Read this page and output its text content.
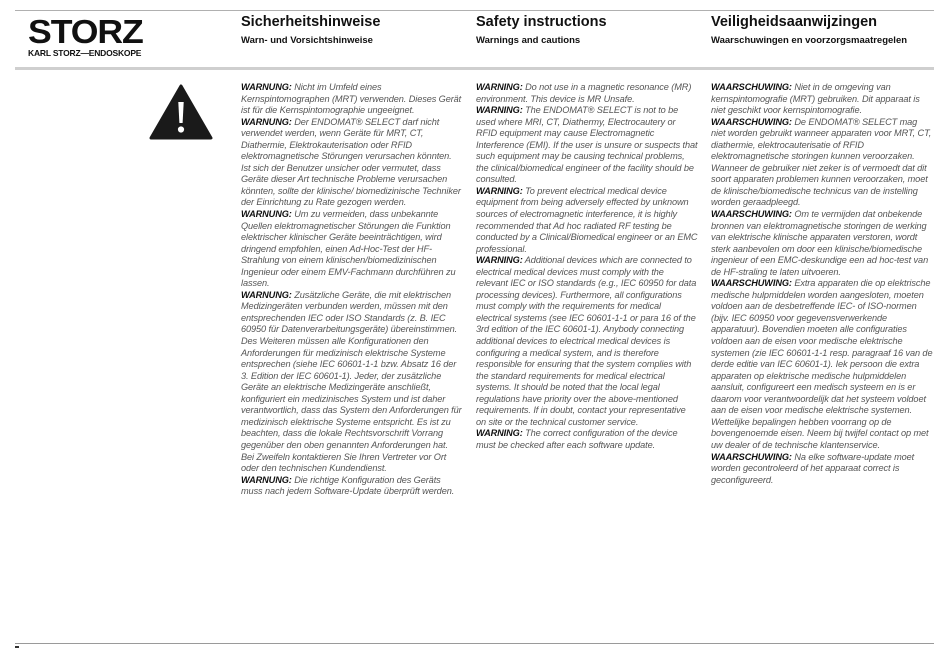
STORZ
KARL STORZ—ENDOSKOPE
Sicherheitshinweise
Warn- und Vorsichtshinweise
Safety instructions
Warnings and cautions
Veiligheidsaanwijzingen
Waarschuwingen en voorzorgsmaatregelen

WARNUNG: Nicht im Umfeld eines Kernspintomographen (MRT) verwenden. Dieses Gerät ist für die Kernspintomographie ungeeignet.

WARNUNG: Der ENDOMAT® SELECT darf nicht verwendet werden, wenn Geräte für MRT, CT, Diathermie, Elektrokauterisation oder RFID elektromagnetische Störungen verursachen könnten. Ist sich der Benutzer unsicher oder vermutet, dass Geräte dieser Art technische Probleme verursachen könnten, sollte der klinische/ biomedizinische Techniker der Einrichtung zu Rate gezogen werden.

WARNUNG: Um zu vermeiden, dass unbekannte Quellen elektromagnetischer Störungen die Funktion elektrischer klinischer Geräte beeinträchtigen, wird dringend empfohlen, einen Ad-Hoc-Test der HF-Strahlung von einem klinischen/biomedizinischen Ingenieur oder einem EMV-Fachmann durchführen zu lassen.

WARNUNG: Zusätzliche Geräte, die mit elektrischen Medizingeräten verbunden werden, müssen mit den entsprechenden IEC oder ISO Standards (z. B. IEC 60950 für Datenverarbeitungsgeräte) übereinstimmen. Des Weiteren müssen alle Konfigurationen den Anforderungen für medizinisch elektrische Systeme entsprechen (siehe IEC 60601-1-1 bzw. Absatz 16 der 3. Edition der IEC 60601-1). Jeder, der zusätzliche Geräte an elektrische Medizingeräte anschließt, konfiguriert ein medizinisches System und ist daher verantwortlich, dass das System den Anforderungen für medizinisch elektrische Systeme entspricht. Es ist zu beachten, dass die lokale Rechtsvorschrift Vorrang gegenüber den oben genannten Anforderungen hat. Bei Zweifeln kontaktieren Sie Ihren Vertreter vor Ort oder den technischen Kundendienst.

WARNUNG: Die richtige Konfiguration des Geräts muss nach jedem Software-Update überprüft werden.

WARNING: Do not use in a magnetic resonance (MR) environment. This device is MR Unsafe.

WARNING: The ENDOMAT® SELECT is not to be used where MRI, CT, Diathermy, Electrocautery or RFID equipment may cause Electromagnetic Interference (EMI). If the user is unsure or suspects that such equipment may be causing technical problems, the clinical/biomedical engineer of the facility should be consulted.

WARNING: To prevent electrical medical device equipment from being adversely effected by unknown sources of electromagnetic interference, it is highly recommended that Ad hoc radiated RF testing be conducted by a Clinical/Biomedical engineer or an EMC professional.

WARNING: Additional devices which are connected to electrical medical devices must comply with the relevant IEC or ISO standards (e.g., IEC 60950 for data processing devices). Furthermore, all configurations must comply with the requirements for medical electrical systems (see IEC 60601-1-1 or para 16 of the 3rd edition of the IEC 60601-1). Anybody connecting additional devices to electrical medical devices is configuring a medical system, and is therefore responsible for ensuring that the system complies with the standard requirements for medical electrical systems. It should be noted that the local legal regulations have priority over the above-mentioned requirements. If in doubt, contact your representative on site or the technical customer service.

WARNING: The correct configuration of the device must be checked after each software update.

WAARSCHUWING: Niet in de omgeving van kernspintomografie (MRT) gebruiken. Dit apparaat is niet geschikt voor kernspintomografie.

WAARSCHUWING: De ENDOMAT® SELECT mag niet worden gebruikt wanneer apparaten voor MRT, CT, diathermie, elektrocauterisatie of RFID elektromagnetische storingen kunnen veroorzaken. Wanneer de gebruiker niet zeker is of vermoedt dat dit soort apparaten problemen kunnen veroorzaken, moet de klinische/biomedische technicus van de instelling worden geraadpleegd.

WAARSCHUWING: Om te vermijden dat onbekende bronnen van elektromagnetische storingen de werking van elektrische klinische apparaten verstoren, wordt sterk aanbevolen om door een klinische/biomedische ingenieur of een EMC-deskundige een ad hoc-test van de HF-straling te laten uitvoeren.

WAARSCHUWING: Extra apparaten die op elektrische medische hulpmiddelen worden aangesloten, moeten voldoen aan de desbetreffende IEC- of ISO-normen (bijv. IEC 60950 voor gegevensverwerkende apparatuur). Bovendien moeten alle configuraties voldoen aan de eisen voor medische elektrische systemen (zie IEC 60601-1-1 resp. paragraaf 16 van de derde editie van IEC 60601-1). Iek persoon die extra apparaten op elektrische medische hulpmiddelen aansluit, configureert een medisch systeem en is er daarom voor verantwoordelijk dat het systeem voldoet aan de eisen voor medische elektrische systemen. Wettelijke bepalingen hebben voorrang op de bovengenoemde eisen. Neem bij twijfel contact op met uw dealer of de technische klantenservice.

WAARSCHUWING: Na elke software-update moet worden gecontroleerd of het apparaat correct is geconfigureerd.
